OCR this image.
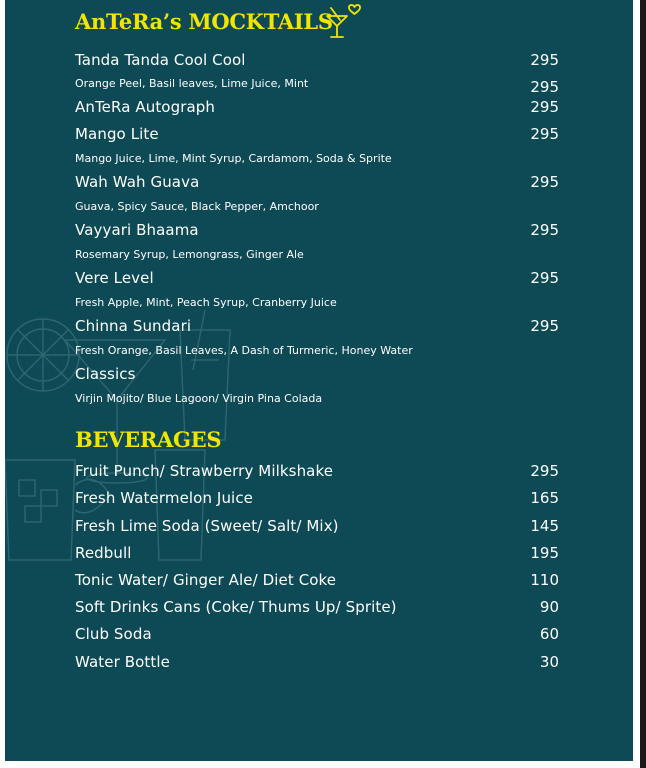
AnTeRa’s MOCKTAILS
Tanda Tanda Cool Cool	295
Orange Peel, Basil leaves, Lime Juice, Mint	295
AnTeRa Autograph	295
Mango Lite	295
Mango Juice, Lime, Mint Syrup, Cardamom, Soda & Sprite
Wah Wah Guava	295
Guava, Spicy Sauce, Black Pepper, Amchoor
Vayyari Bhaama	295
Rosemary Syrup, Lemongrass, Ginger Ale
Vere Level	295
Fresh Apple, Mint, Peach Syrup, Cranberry Juice
Chinna Sundari	295
Fresh Orange, Basil Leaves, A Dash of Turmeric, Honey Water
Classics
Virjin Mojito/ Blue Lagoon/ Virgin Pina Colada
BEVERAGES
Fruit Punch/ Strawberry Milkshake	295
Fresh Watermelon Juice	165
Fresh Lime Soda (Sweet/ Salt/ Mix)	145
Redbull	195
Tonic Water/ Ginger Ale/ Diet Coke	110
Soft Drinks Cans (Coke/ Thums Up/ Sprite)	90
Club Soda	60
Water Bottle	30
